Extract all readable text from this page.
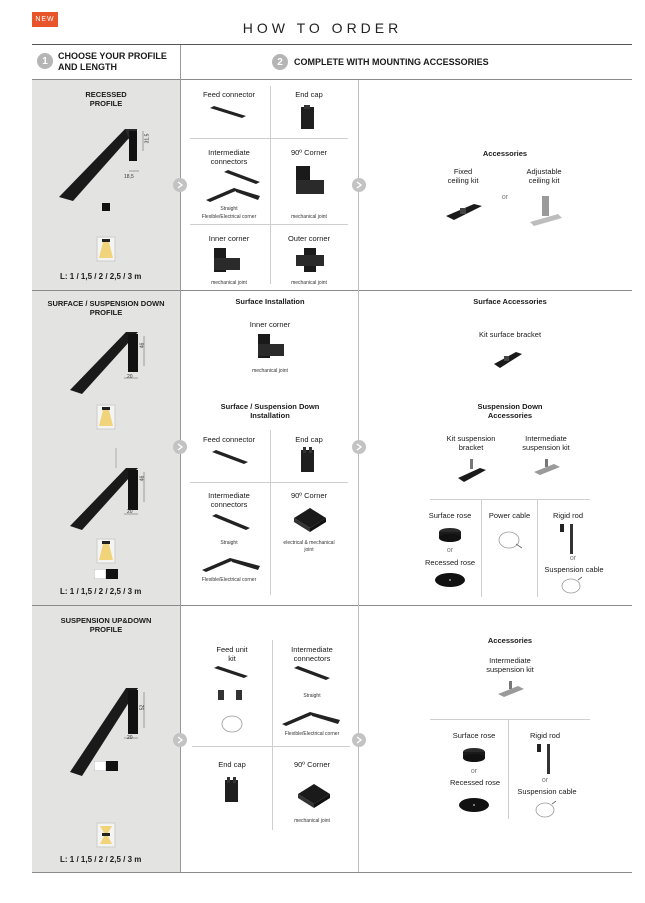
NEW
HOW TO ORDER
1	CHOOSE YOUR PROFILE
AND LENGTH	2	COMPLETE WITH MOUNTING ACCESSORIES
RECESSED
PROFILE
31,5
18,5
L: 1 / 1,5 / 2 / 2,5 / 3 m
Feed connector	End cap
Intermediate
connectors
Straight
Flexible/Electrical corner
90º Corner
mechanical joint
Inner corner
mechanical joint
Outer corner
mechanical joint
Accessories
Fixed
ceiling kit
or
Adjustable
ceiling kit
SURFACE / SUSPENSION DOWN
PROFILE
46
20
46
20
L: 1 / 1,5 / 2 / 2,5 / 3 m
Surface Installation
Inner corner
mechanical joint
Surface / Suspension Down
Installation
Feed connector	End cap
Intermediate
connectors
Straight
Flexible/Electrical corner
90º Corner
electrical & mechanical
joint
Surface Accessories
Kit surface bracket
Suspension Down
Accessories
Kit suspension
bracket
Intermediate
suspension kit
Surface rose
or
Recessed rose
Power cable	Rigid rod
or
Suspension cable
SUSPENSION UP&DOWN
PROFILE
52
20
L: 1 / 1,5 / 2 / 2,5 / 3 m
Feed unit
kit
Intermediate
connectors
Straight
Flexible/Electrical corner
End cap	90º Corner
mechanical joint
Accessories
Intermediate
suspension kit
Surface rose
or
Recessed rose
Rigid rod
or
Suspension cable
